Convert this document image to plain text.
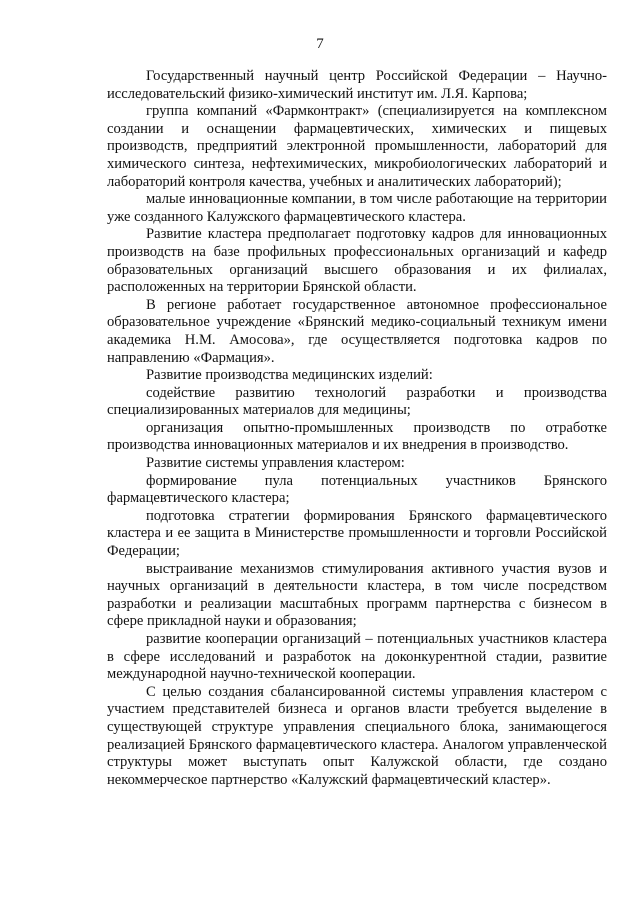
7

Государственный научный центр Российской Федерации – Научно-исследовательский физико-химический институт им. Л.Я. Карпова;

группа компаний «Фармконтракт» (специализируется на комплексном создании и оснащении фармацевтических, химических и пищевых производств, предприятий электронной промышленности, лабораторий для химического синтеза, нефтехимических, микробиологических лабораторий и лабораторий контроля качества, учебных и аналитических лабораторий);

малые инновационные компании, в том числе работающие на территории уже созданного Калужского фармацевтического кластера.

Развитие кластера предполагает подготовку кадров для инновационных производств на базе профильных профессиональных организаций и кафедр образовательных организаций высшего образования и их филиалах, расположенных на территории Брянской области.

В регионе работает государственное автономное профессиональное образовательное учреждение «Брянский медико-социальный техникум имени академика Н.М. Амосова», где осуществляется подготовка кадров по направлению «Фармация».

Развитие производства медицинских изделий:

содействие развитию технологий разработки и производства специализированных материалов для медицины;

организация опытно-промышленных производств по отработке производства инновационных материалов и их внедрения в производство.

Развитие системы управления кластером:

формирование пула потенциальных участников Брянского фармацевтического кластера;

подготовка стратегии формирования Брянского фармацевтического кластера и ее защита в Министерстве промышленности и торговли Российской Федерации;

выстраивание механизмов стимулирования активного участия вузов и научных организаций в деятельности кластера, в том числе посредством разработки и реализации масштабных программ партнерства с бизнесом в сфере прикладной науки и образования;

развитие кооперации организаций – потенциальных участников кластера в сфере исследований и разработок на доконкурентной стадии, развитие международной научно-технической кооперации.

С целью создания сбалансированной системы управления кластером с участием представителей бизнеса и органов власти требуется выделение в существующей структуре управления специального блока, занимающегося реализацией Брянского фармацевтического кластера. Аналогом управленческой структуры может выступать опыт Калужской области, где создано некоммерческое партнерство «Калужский фармацевтический кластер».
